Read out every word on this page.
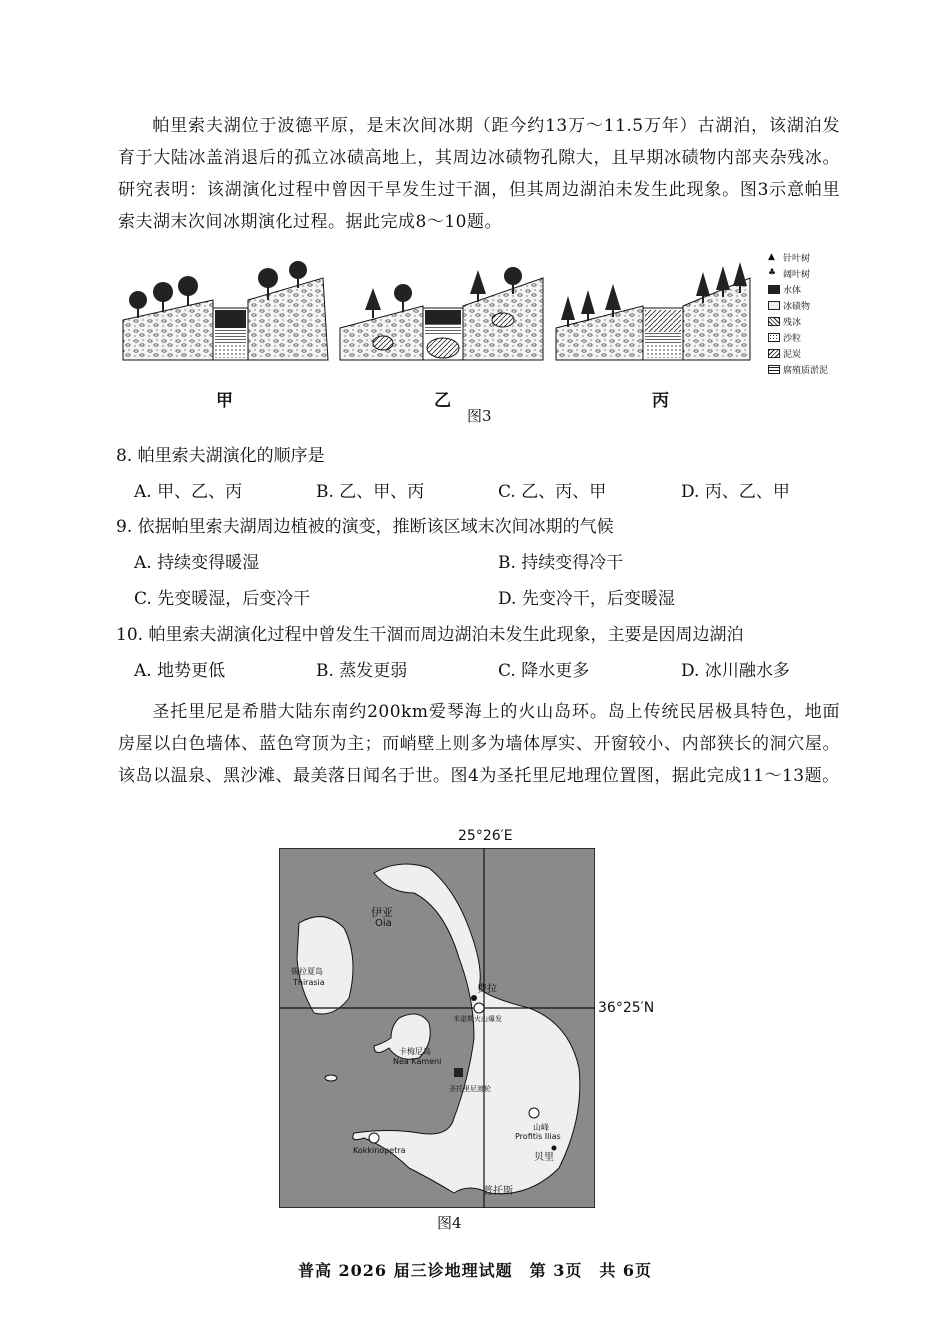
帕里索夫湖位于波德平原，是末次间冰期（距今约13万～11.5万年）古湖泊，该湖泊发育于大陆冰盖消退后的孤立冰碛高地上，其周边冰碛物孔隙大，且早期冰碛物内部夹杂残冰。研究表明：该湖演化过程中曾因干旱发生过干涸，但其周边湖泊未发生此现象。图3示意帕里索夫湖末次间冰期演化过程。据此完成8～10题。
甲	乙	丙
▲ 针叶树
♣ 阔叶树
水体
冰碛物
残冰
沙粒
泥炭
腐殖质淤泥
图3
8. 帕里索夫湖演化的顺序是
A. 甲、乙、丙	B. 乙、甲、丙	C. 乙、丙、甲	D. 丙、乙、甲
9. 依据帕里索夫湖周边植被的演变，推断该区域末次间冰期的气候
A. 持续变得暖湿	B. 持续变得冷干
C. 先变暖湿，后变冷干	D. 先变冷干，后变暖湿
10. 帕里索夫湖演化过程中曾发生干涸而周边湖泊未发生此现象，主要是因周边湖泊
A. 地势更低	B. 蒸发更弱	C. 降水更多	D. 冰川融水多
圣托里尼是希腊大陆东南约200km爱琴海上的火山岛环。岛上传统民居极具特色，地面房屋以白色墙体、蓝色穹顶为主；而峭壁上则多为墙体厚实、开窗较小、内部狭长的洞穴屋。该岛以温泉、黑沙滩、最美落日闻名于世。图4为圣托里尼地理位置图，据此完成11～13题。
25°26′E
伊亚
Oia
锡拉夏岛
Thirasia
费拉
米诺斯火山爆发
卡梅尼岛
Nea Kameni
圣托里尼渡轮
山峰
Profitis Ilias
Kokkinopetra
贝里
普托斯
36°25′N
图4
普高 2026 届三诊地理试题　第 3页　共 6页
